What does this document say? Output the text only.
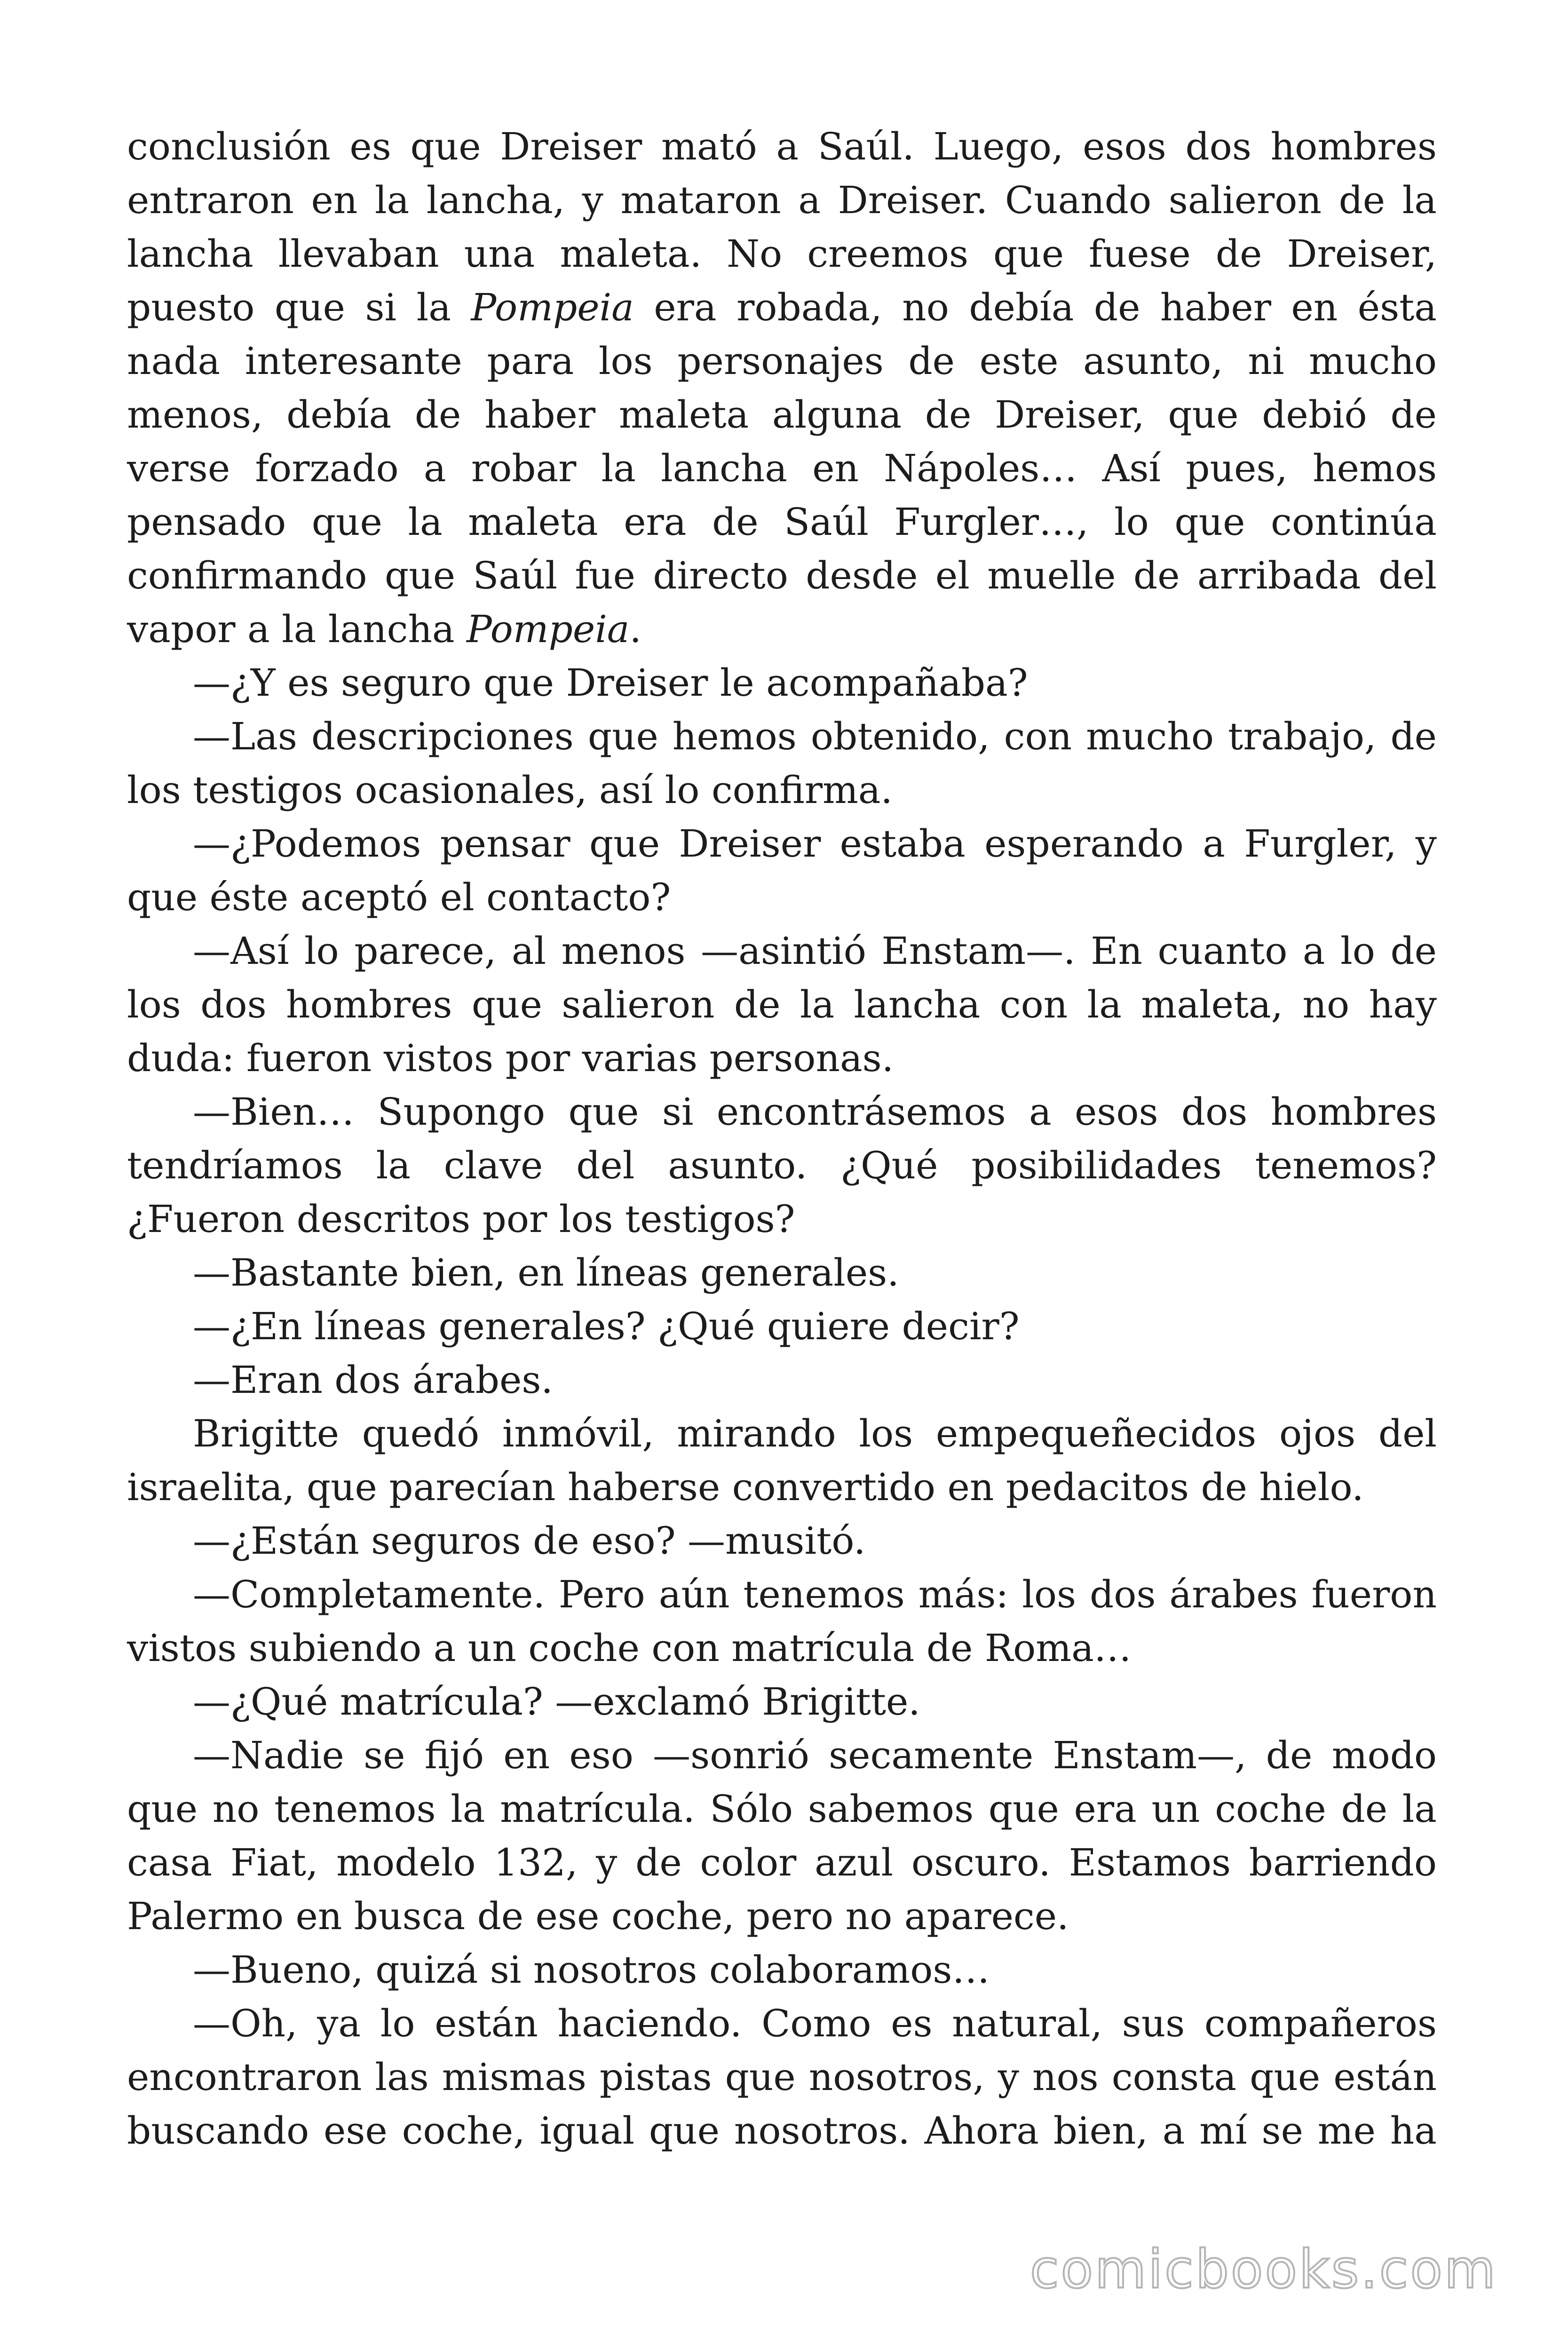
conclusión es que Dreiser mató a Saúl. Luego, esos dos hombres entraron en la lancha, y mataron a Dreiser. Cuando salieron de la lancha llevaban una maleta. No creemos que fuese de Dreiser, puesto que si la Pompeia era robada, no debía de haber en ésta nada interesante para los personajes de este asunto, ni mucho menos, debía de haber maleta alguna de Dreiser, que debió de verse forzado a robar la lancha en Nápoles… Así pues, hemos pensado que la maleta era de Saúl Furgler…, lo que continúa confirmando que Saúl fue directo desde el muelle de arribada del vapor a la lancha Pompeia.

—¿Y es seguro que Dreiser le acompañaba?

—Las descripciones que hemos obtenido, con mucho trabajo, de los testigos ocasionales, así lo confirma.

—¿Podemos pensar que Dreiser estaba esperando a Furgler, y que éste aceptó el contacto?

—Así lo parece, al menos —asintió Enstam—. En cuanto a lo de los dos hombres que salieron de la lancha con la maleta, no hay duda: fueron vistos por varias personas.

—Bien… Supongo que si encontrásemos a esos dos hombres tendríamos la clave del asunto. ¿Qué posibilidades tenemos? ¿Fueron descritos por los testigos?

—Bastante bien, en líneas generales.

—¿En líneas generales? ¿Qué quiere decir?

—Eran dos árabes.

Brigitte quedó inmóvil, mirando los empequeñecidos ojos del israelita, que parecían haberse convertido en pedacitos de hielo.

—¿Están seguros de eso? —musitó.

—Completamente. Pero aún tenemos más: los dos árabes fueron vistos subiendo a un coche con matrícula de Roma…

—¿Qué matrícula? —exclamó Brigitte.

—Nadie se fijó en eso —sonrió secamente Enstam—, de modo que no tenemos la matrícula. Sólo sabemos que era un coche de la casa Fiat, modelo 132, y de color azul oscuro. Estamos barriendo Palermo en busca de ese coche, pero no aparece.

—Bueno, quizá si nosotros colaboramos…

—Oh, ya lo están haciendo. Como es natural, sus compañeros encontraron las mismas pistas que nosotros, y nos consta que están buscando ese coche, igual que nosotros. Ahora bien, a mí se me ha

comicbooks.com
